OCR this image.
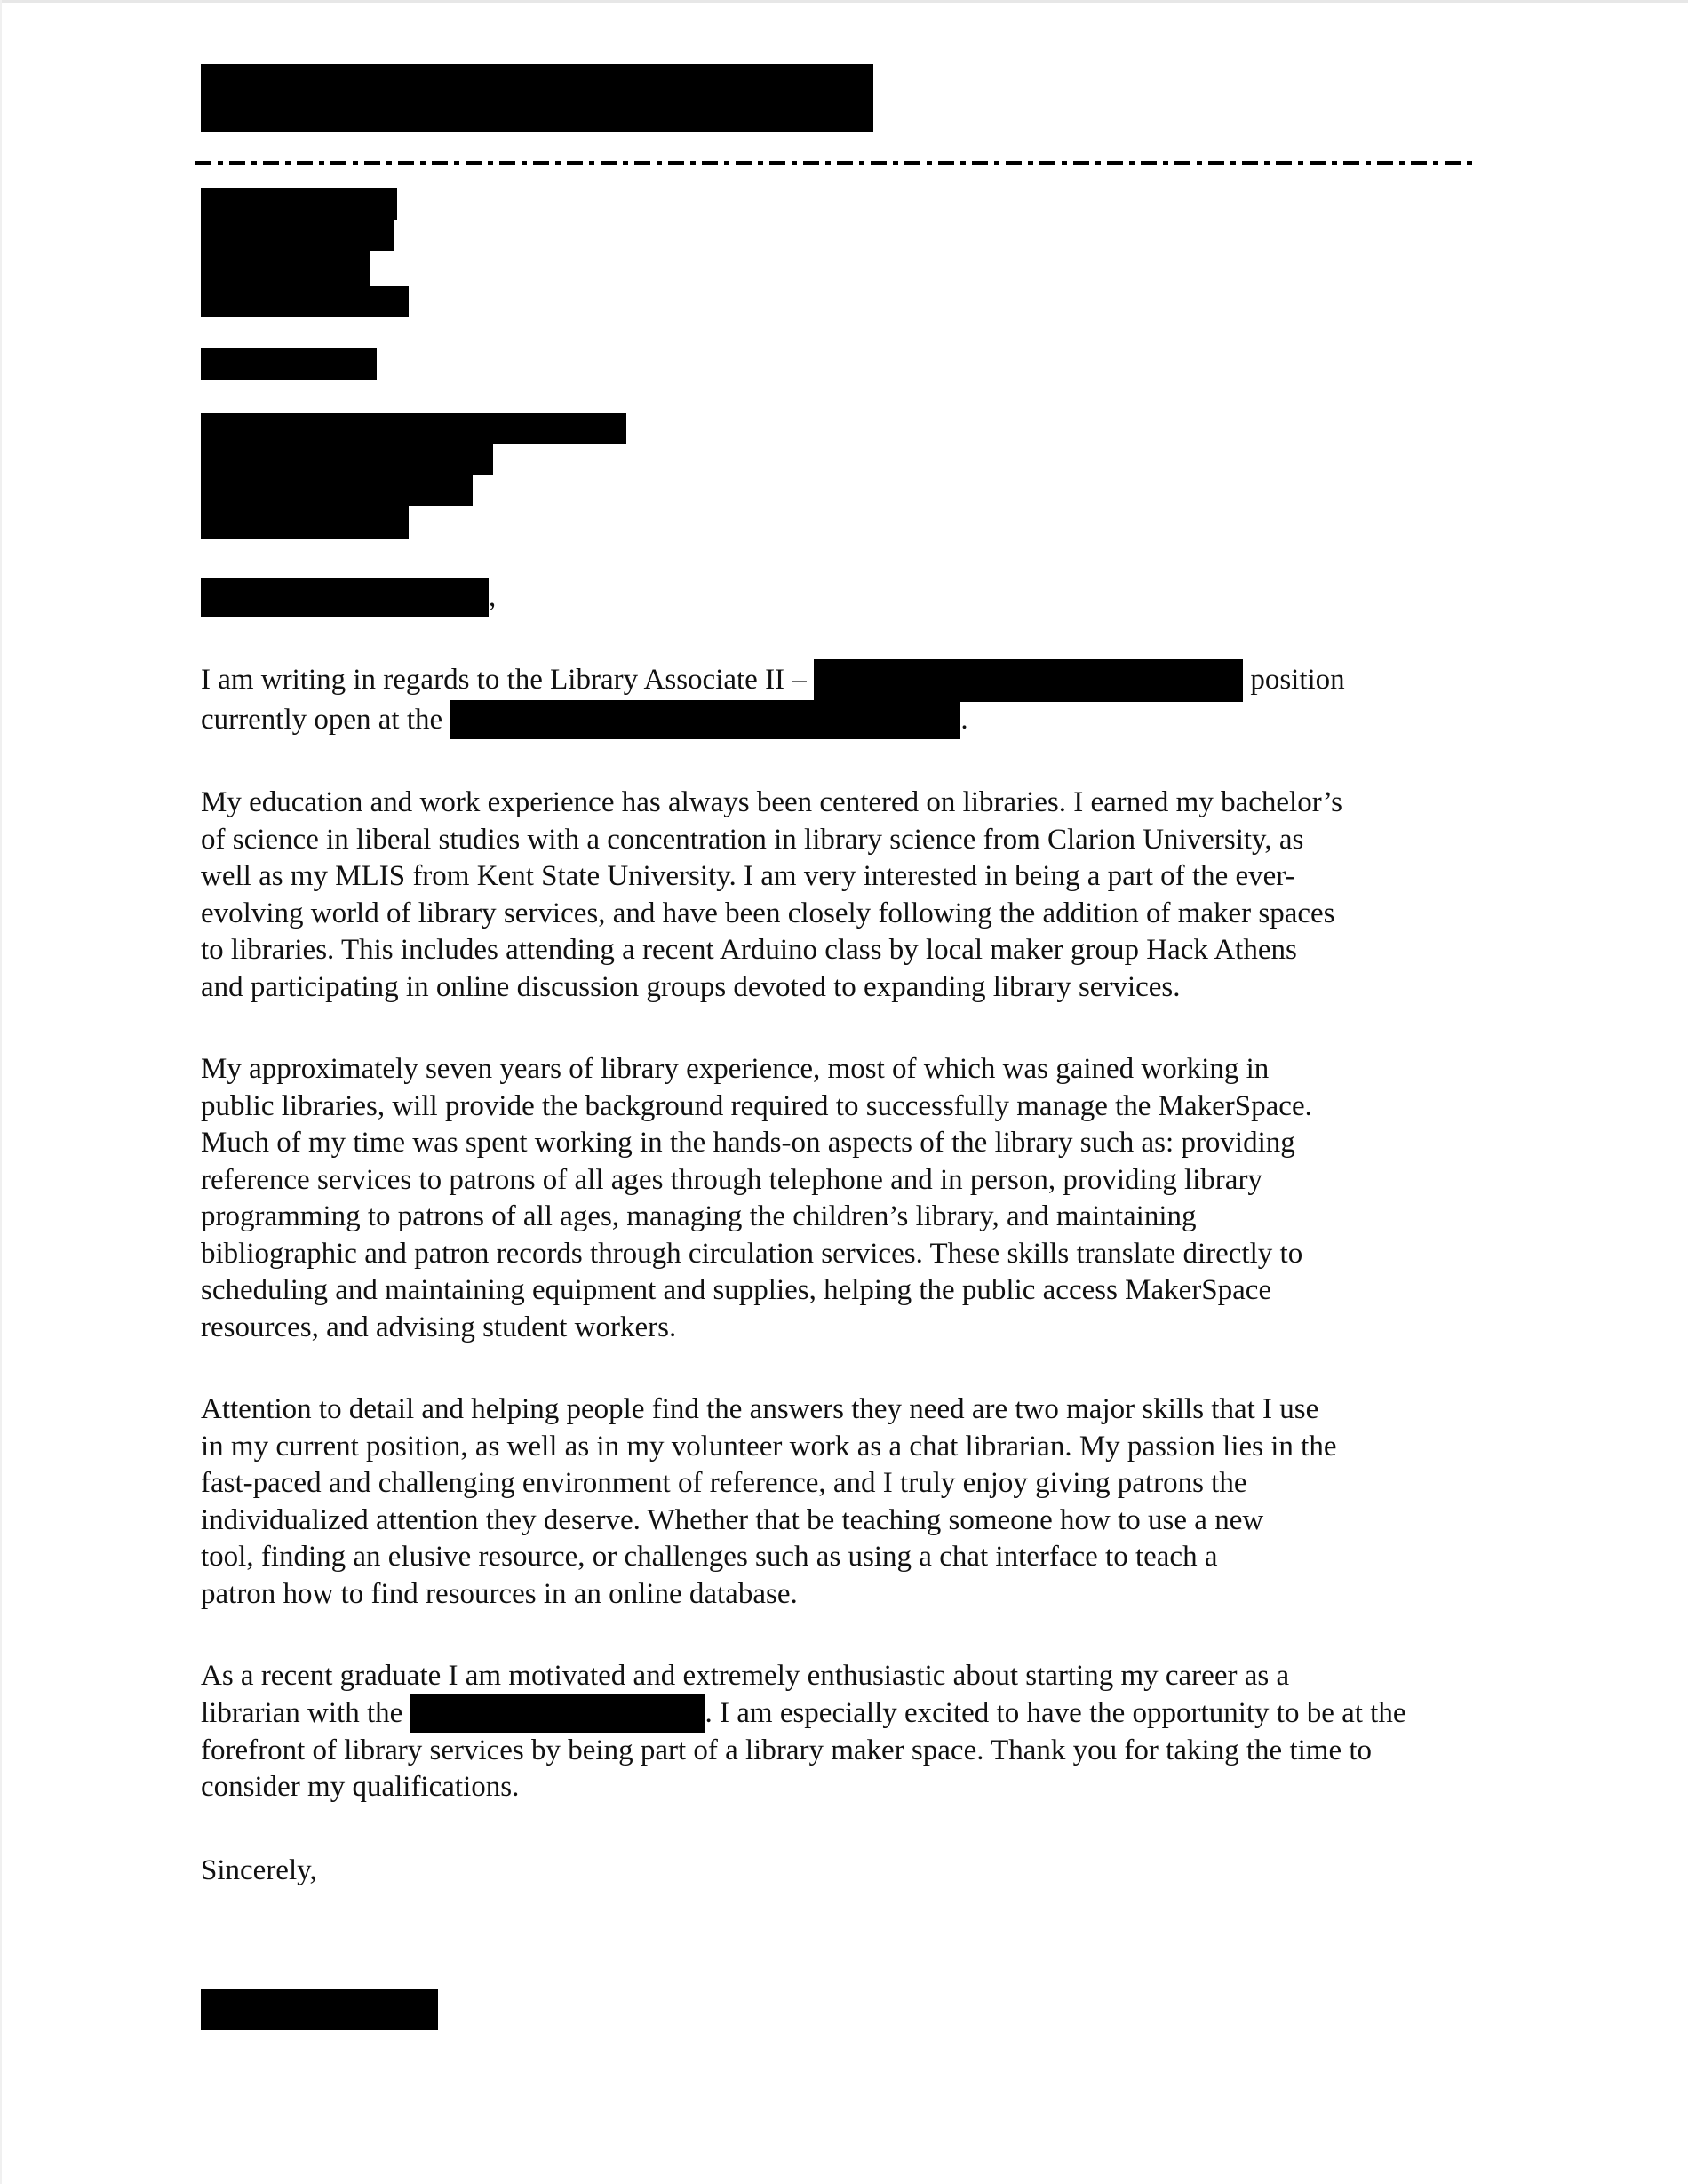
,
I am writing in regards to the Library Associate II –	position
currently open at the	.
My education and work experience has always been centered on libraries. I earned my bachelor’s
of science in liberal studies with a concentration in library science from Clarion University, as
well as my MLIS from Kent State University. I am very interested in being a part of the ever-
evolving world of library services, and have been closely following the addition of maker spaces
to libraries. This includes attending a recent Arduino class by local maker group Hack Athens
and participating in online discussion groups devoted to expanding library services.
My approximately seven years of library experience, most of which was gained working in
public libraries, will provide the background required to successfully manage the MakerSpace.
Much of my time was spent working in the hands-on aspects of the library such as: providing
reference services to patrons of all ages through telephone and in person, providing library
programming to patrons of all ages, managing the children’s library, and maintaining
bibliographic and patron records through circulation services. These skills translate directly to
scheduling and maintaining equipment and supplies, helping the public access MakerSpace
resources, and advising student workers.
Attention to detail and helping people find the answers they need are two major skills that I use
in my current position, as well as in my volunteer work as a chat librarian. My passion lies in the
fast-paced and challenging environment of reference, and I truly enjoy giving patrons the
individualized attention they deserve. Whether that be teaching someone how to use a new
tool, finding an elusive resource, or challenges such as using a chat interface to teach a
patron how to find resources in an online database.
As a recent graduate I am motivated and extremely enthusiastic about starting my career as a
librarian with the	. I am especially excited to have the opportunity to be at the
forefront of library services by being part of a library maker space. Thank you for taking the time to
consider my qualifications.
Sincerely,
